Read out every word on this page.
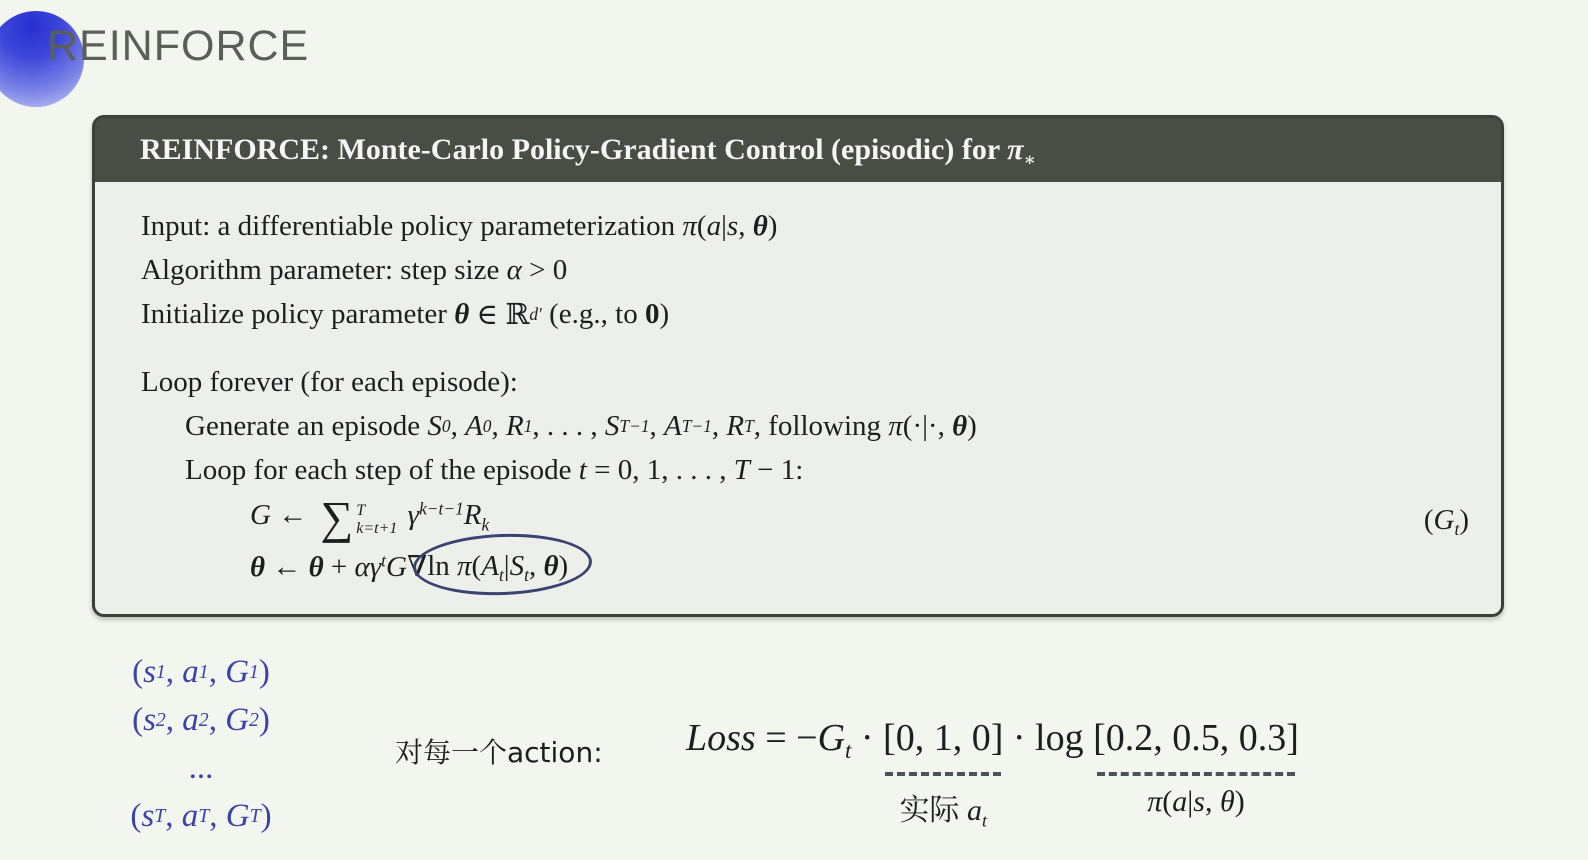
REINFORCE
REINFORCE: Monte-Carlo Policy-Gradient Control (episodic) for $\pi_∗$
Input: a differentiable policy parameterization π ( a | s , θ )
Algorithm parameter: step size α > 0
Initialize policy parameter θ ∈ ℝ d′ (e.g., to 0 )
Loop forever (for each episode):
Generate an episode S 0 , A 0 , R 1 , . . . , S T−1 , A T−1 , R T , following π (·|·, θ )
Loop for each step of the episode t = 0, 1, . . . , T − 1:
G ← ∑ T
k=t+1 $\gamma^{k-t-1}R_k$	$(G_t)$
θ ← $\theta + \alpha\gamma^tG\nabla$ $\ln \pi(A_t|S_t$, θ)
( s 1 , a 1 , G 1 )
( s 2 , a 2 , G 2 )
...
( s T , a T , G T )
对每一个action: Loss = $-G_t \cdot [0$, 1, 0]
实际 $a_t$
· log [0.2, 0.5, 0.3]
π(a|s, θ)
